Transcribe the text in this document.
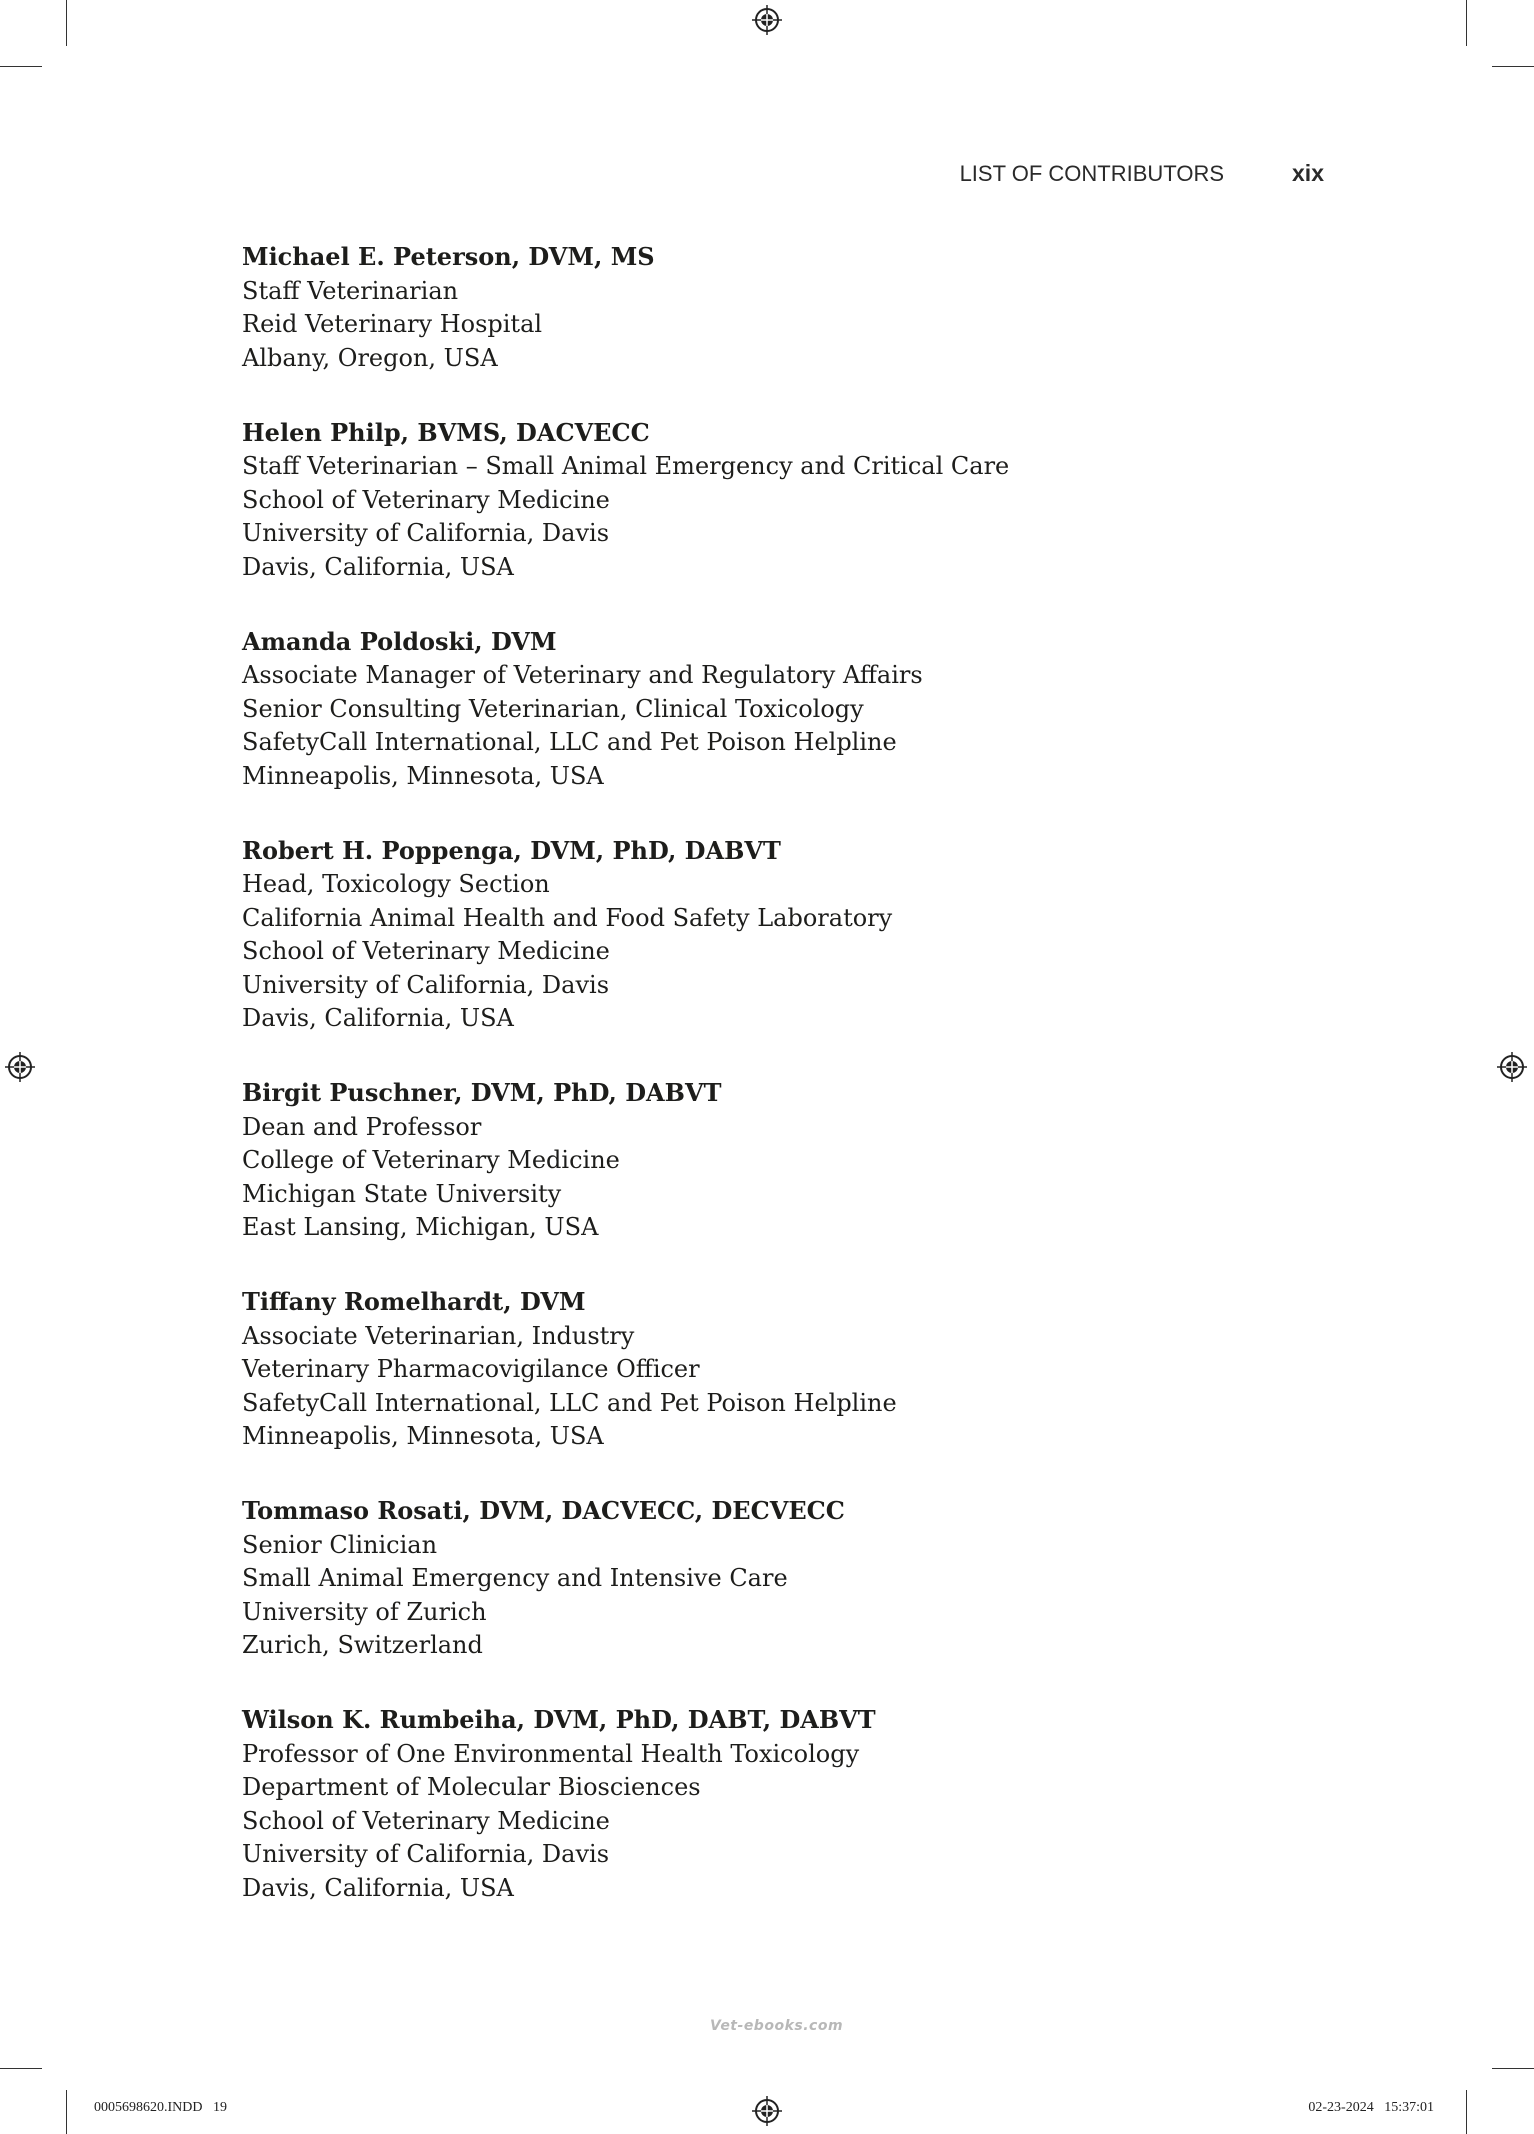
LIST OF CONTRIBUTORS	xix
Michael E. Peterson, DVM, MS
Staff Veterinarian
Reid Veterinary Hospital
Albany, Oregon, USA
Helen Philp, BVMS, DACVECC
Staff Veterinarian – Small Animal Emergency and Critical Care
School of Veterinary Medicine
University of California, Davis
Davis, California, USA
Amanda Poldoski, DVM
Associate Manager of Veterinary and Regulatory Affairs
Senior Consulting Veterinarian, Clinical Toxicology
SafetyCall International, LLC and Pet Poison Helpline
Minneapolis, Minnesota, USA
Robert H. Poppenga, DVM, PhD, DABVT
Head, Toxicology Section
California Animal Health and Food Safety Laboratory
School of Veterinary Medicine
University of California, Davis
Davis, California, USA
Birgit Puschner, DVM, PhD, DABVT
Dean and Professor
College of Veterinary Medicine
Michigan State University
East Lansing, Michigan, USA
Tiffany Romelhardt, DVM
Associate Veterinarian, Industry
Veterinary Pharmacovigilance Officer
SafetyCall International, LLC and Pet Poison Helpline
Minneapolis, Minnesota, USA
Tommaso Rosati, DVM, DACVECC, DECVECC
Senior Clinician
Small Animal Emergency and Intensive Care
University of Zurich
Zurich, Switzerland
Wilson K. Rumbeiha, DVM, PhD, DABT, DABVT
Professor of One Environmental Health Toxicology
Department of Molecular Biosciences
School of Veterinary Medicine
University of California, Davis
Davis, California, USA
Vet-ebooks.com
0005698620.INDD   19	02-23-2024   15:37:01
